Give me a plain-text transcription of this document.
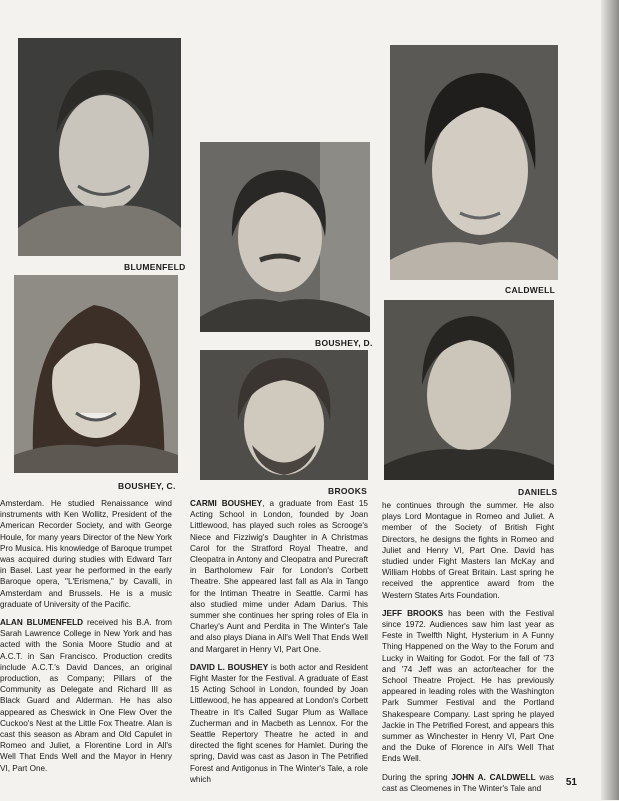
BLUMENFELD
BOUSHEY, D.
CALDWELL
BOUSHEY, C.	BROOKS	DANIELS

Amsterdam. He studied Renaissance wind instruments with Ken Wollitz, President of the American Recorder Society, and with George Houle, for many years Director of the New York Pro Musica. His knowledge of Baroque trumpet was acquired during studies with Edward Tarr in Basel. Last year he performed in the early Baroque opera, "L'Erismena," by Cavalli, in Amsterdam and Brussels. He is a music graduate of University of the Pacific.

ALAN BLUMENFELD received his B.A. from Sarah Lawrence College in New York and has acted with the Sonia Moore Studio and at A.C.T. in San Francisco. Production credits include A.C.T.'s David Dances, an original production, as Company; Pillars of the Community as Delegate and Richard III as Black Guard and Alderman. He has also appeared as Cheswick in One Flew Over the Cuckoo's Nest at the Little Fox Theatre. Alan is cast this season as Abram and Old Capulet in Romeo and Juliet, a Florentine Lord in All's Well That Ends Well and the Mayor in Henry VI, Part One.

CARMI BOUSHEY, a graduate from East 15 Acting School in London, founded by Joan Littlewood, has played such roles as Scrooge's Niece and Fizziwig's Daughter in A Christmas Carol for the Stratford Royal Theatre, and Cleopatra in Antony and Cleopatra and Purecraft in Bartholomew Fair for London's Corbett Theatre. She appeared last fall as Ala in Tango for the Intiman Theatre in Seattle. Carmi has also studied mime under Adam Darius. This summer she continues her spring roles of Ela in Charley's Aunt and Perdita in The Winter's Tale and also plays Diana in All's Well That Ends Well and Margaret in Henry VI, Part One.

DAVID L. BOUSHEY is both actor and Resident Fight Master for the Festival. A graduate of East 15 Acting School in London, founded by Joan Littlewood, he has appeared at London's Corbett Theatre in It's Called Sugar Plum as Wallace Zucherman and in Macbeth as Lennox. For the Seattle Repertory Theatre he acted in and directed the fight scenes for Hamlet. During the spring, David was cast as Jason in The Petrified Forest and Antigonus in The Winter's Tale, a role which

he continues through the summer. He also plays Lord Montague in Romeo and Juliet. A member of the Society of British Fight Directors, he designs the fights in Romeo and Juliet and Henry VI, Part One. David has studied under Fight Masters Ian McKay and William Hobbs of Great Britain. Last spring he received the apprentice award from the Western States Arts Foundation.

JEFF BROOKS has been with the Festival since 1972. Audiences saw him last year as Feste in Twelfth Night, Hysterium in A Funny Thing Happened on the Way to the Forum and Lucky in Waiting for Godot. For the fall of '73 and '74 Jeff was an actor/teacher for the School Theatre Project. He has previously appeared in leading roles with the Washington Park Summer Festival and the Portland Shakespeare Company. Last spring he played Jackie in The Petrified Forest, and appears this summer as Winchester in Henry VI, Part One and the Duke of Florence in All's Well That Ends Well.

During the spring JOHN A. CALDWELL was cast as Cleomenes in The Winter's Tale and

51
